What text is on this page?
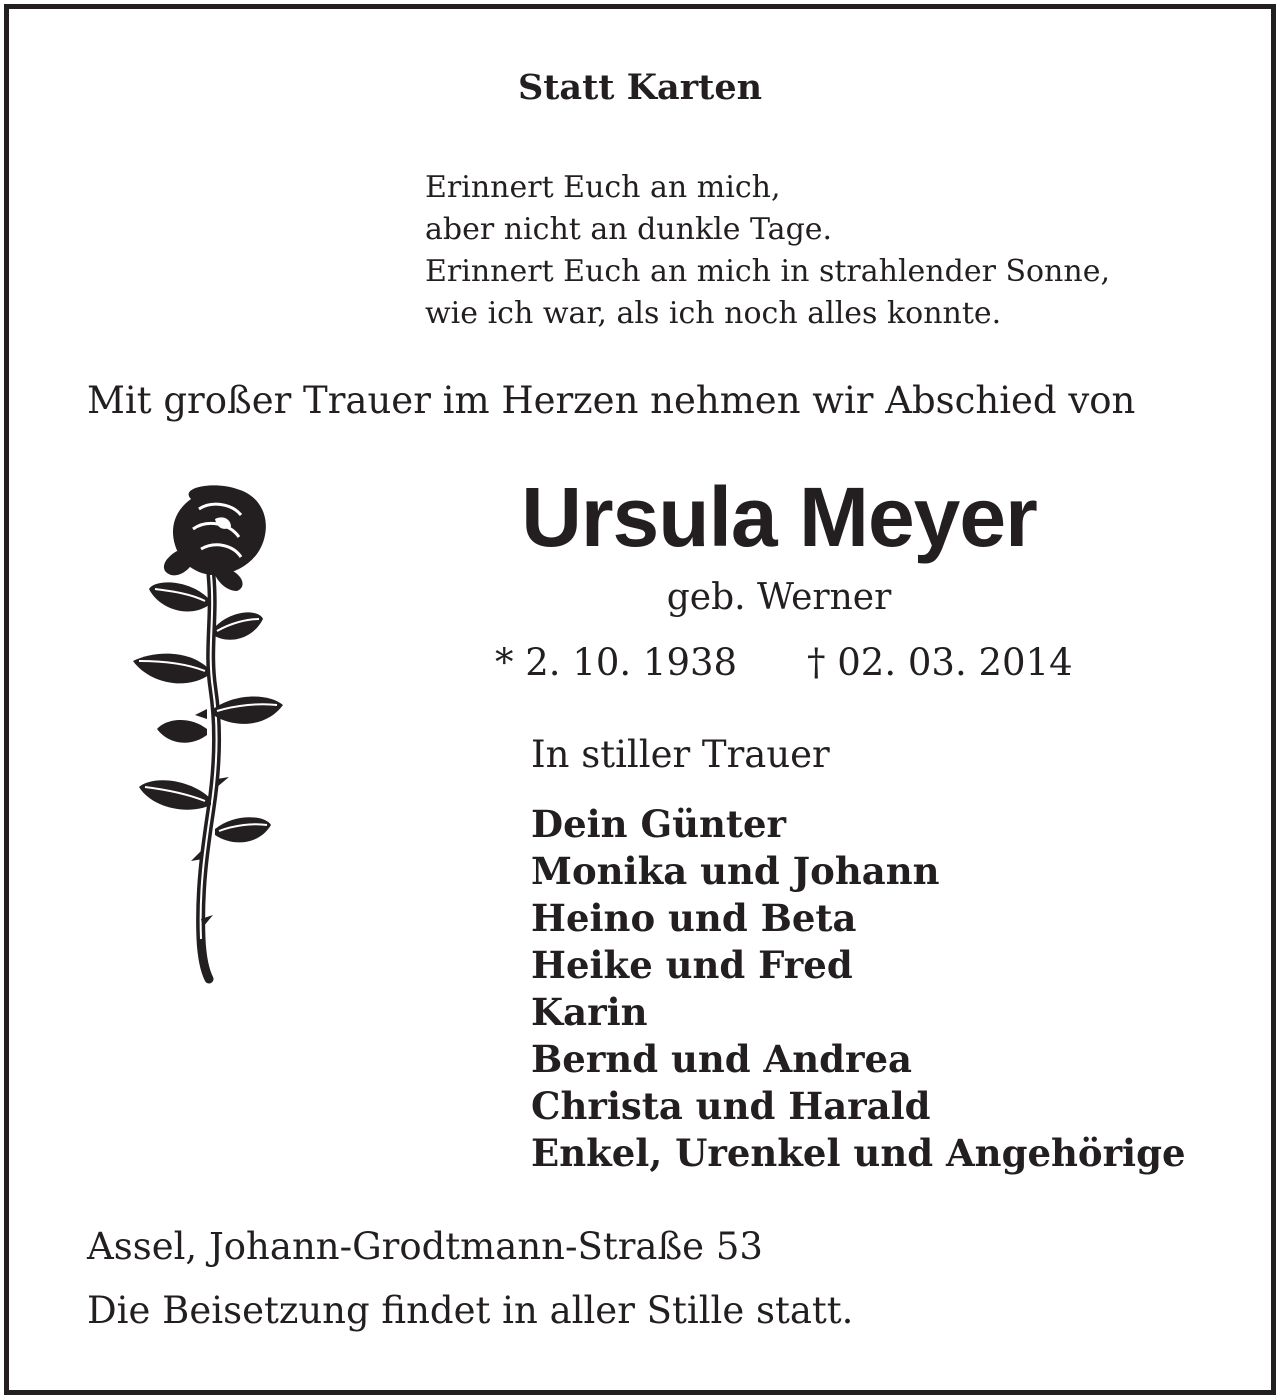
Statt Karten
Erinnert Euch an mich,
aber nicht an dunkle Tage.
Erinnert Euch an mich in strahlender Sonne,
wie ich war, als ich noch alles konnte.
Mit großer Trauer im Herzen nehmen wir Abschied von
Ursula Meyer
geb. Werner
* 2. 10. 1938 † 02. 03. 2014
In stiller Trauer
Dein Günter
Monika und Johann
Heino und Beta
Heike und Fred
Karin
Bernd und Andrea
Christa und Harald
Enkel, Urenkel und Angehörige
Assel, Johann-Grodtmann-Straße 53
Die Beisetzung findet in aller Stille statt.
